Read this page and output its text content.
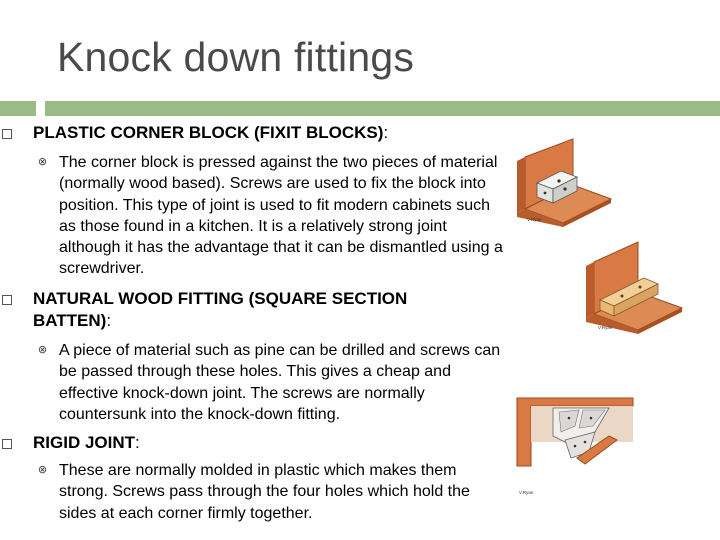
Knock down fittings
PLASTIC CORNER BLOCK (FIXIT BLOCKS):
⊗ The corner block is pressed against the two pieces of material (normally wood based). Screws are used to fix the block into position. This type of joint is used to fit modern cabinets such as those found in a kitchen. It is a relatively strong joint although it has the advantage that it can be dismantled using a screwdriver.
NATURAL WOOD FITTING (SQUARE SECTION BATTEN):
⊗ A piece of material such as pine can be drilled and screws can be passed through these holes. This gives a cheap and effective knock-down joint. The screws are normally countersunk into the knock-down fitting.
RIGID JOINT:
⊗ These are normally molded in plastic which makes them strong. Screws pass through the four holes which hold the sides at each corner firmly together.
V.Ryan
V.Ryan
V.Ryan
